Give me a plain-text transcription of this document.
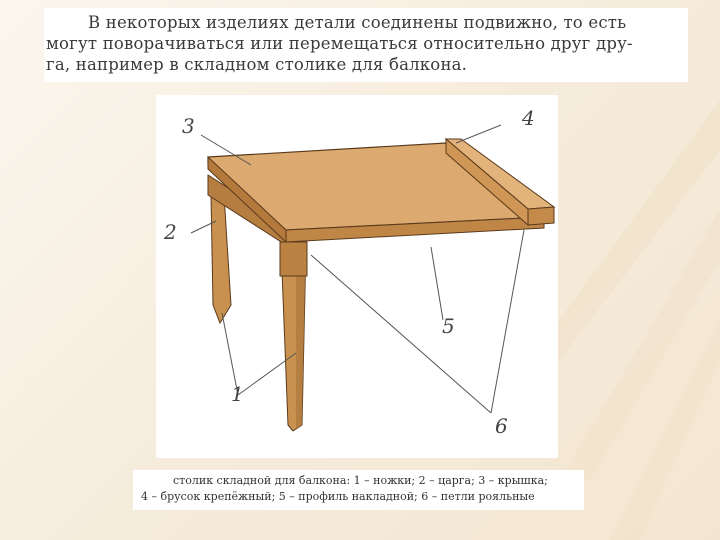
В некоторых изделиях детали соединены подвижно, то есть
могут поворачиваться или перемещаться относительно друг дру-
га, например в складном столике для балкона.

1
2
3	4
5
6
столик складной для балкона: 1 – ножки; 2 – царга; 3 – крышка;
4 – брусок крепёжный; 5 – профиль накладной; 6 – петли рояльные
